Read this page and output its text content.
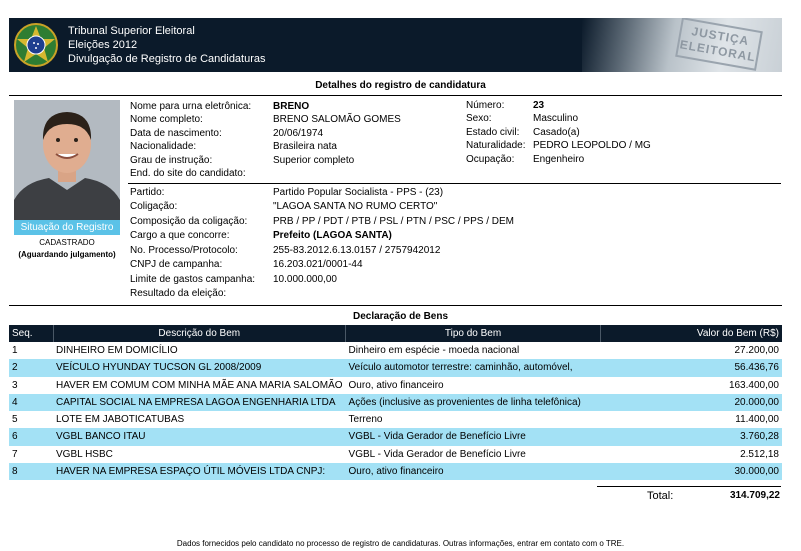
Tribunal Superior Eleitoral
Eleições 2012
Divulgação de Registro de Candidaturas
JUSTIÇA ELEITORAL
Detalhes do registro de candidatura
Situação do Registro
CADASTRADO
(Aguardando julgamento)
Nome para urna eletrônica: BRENO
Nome completo:	BRENO SALOMÃO GOMES
Data de nascimento:	20/06/1974
Nacionalidade:	Brasileira nata
Grau de instrução:	Superior completo
End. do site do candidato:
Número:	23
Sexo:	Masculino
Estado civil: Casado(a)
Naturalidade: PEDRO LEOPOLDO / MG
Ocupação: Engenheiro
Partido:	Partido Popular Socialista - PPS - (23)
Coligação:	"LAGOA SANTA NO RUMO CERTO"
Composição da coligação:	PRB / PP / PDT / PTB / PSL / PTN / PSC / PPS / DEM
Cargo a que concorre:	Prefeito (LAGOA SANTA)
No. Processo/Protocolo:	255-83.2012.6.13.0157 / 2757942012
CNPJ de campanha:	16.203.021/0001-44
Limite de gastos campanha: 10.000.000,00
Resultado da eleição:
Declaração de Bens
Seq.	Descrição do Bem	Tipo do Bem	Valor do Bem (R$)
1	DINHEIRO EM DOMICÍLIO	Dinheiro em espécie - moeda nacional	27.200,00
2	VEÍCULO HYUNDAY TUCSON GL 2008/2009	Veículo automotor terrestre: caminhão, automóvel,	56.436,76
3	HAVER EM COMUM COM MINHA MÃE ANA MARIA SALOMÃO	Ouro, ativo financeiro	163.400,00
4	CAPITAL SOCIAL NA EMPRESA LAGOA ENGENHARIA LTDA	Ações (inclusive as provenientes de linha telefônica)	20.000,00
5	LOTE EM JABOTICATUBAS	Terreno	11.400,00
6	VGBL BANCO ITAU	VGBL - Vida Gerador de Benefício Livre	3.760,28
7	VGBL HSBC	VGBL - Vida Gerador de Benefício Livre	2.512,18
8	HAVER NA EMPRESA ESPAÇO ÚTIL MÓVEIS LTDA CNPJ:	Ouro, ativo financeiro	30.000,00
Total:	314.709,22
Dados fornecidos pelo candidato no processo de registro de candidaturas. Outras informações, entrar em contato com o TRE.
